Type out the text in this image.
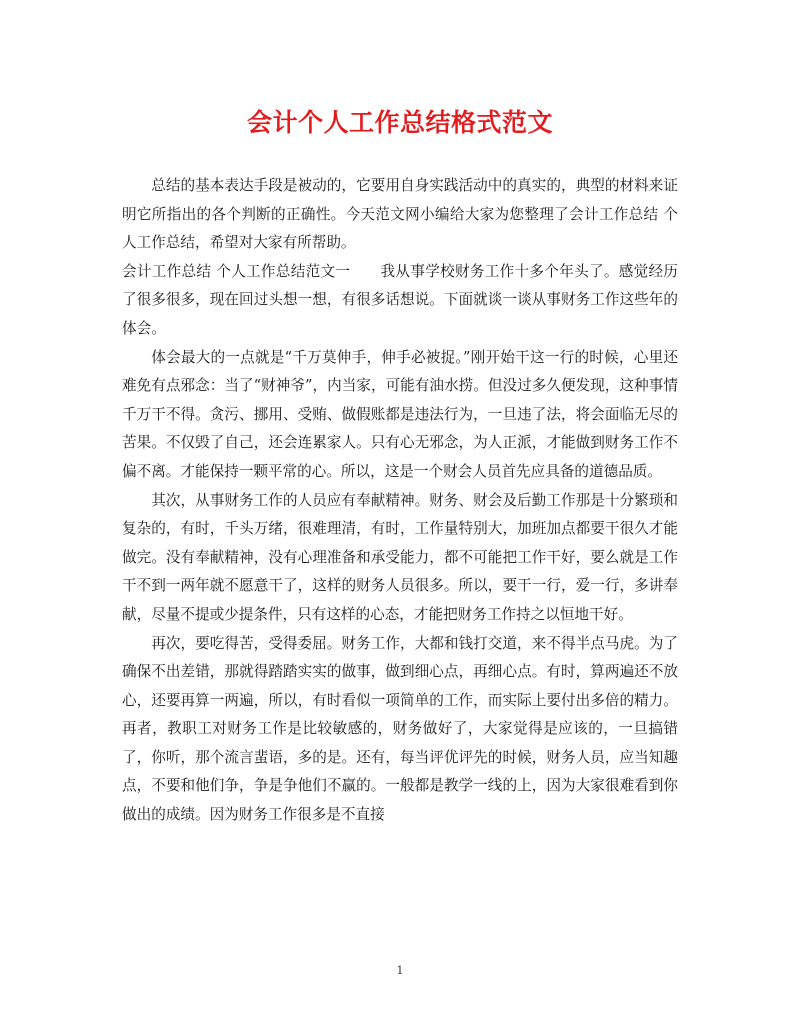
会计个人工作总结格式范文

总结的基本表达手段是被动的，它要用自身实践活动中的真实的，典型的材料来证明它所指出的各个判断的正确性。今天范文网小编给大家为您整理了会计工作总结 个人工作总结，希望对大家有所帮助。

会计工作总结 个人工作总结范文一 我从事学校财务工作十多个年头了。感觉经历了很多很多，现在回过头想一想，有很多话想说。下面就谈一谈从事财务工作这些年的体会。

体会最大的一点就是“千万莫伸手，伸手必被捉。”刚开始干这一行的时候，心里还难免有点邪念：当了“财神爷”，内当家，可能有油水捞。但没过多久便发现，这种事情千万干不得。贪污、挪用、受贿、做假账都是违法行为，一旦违了法，将会面临无尽的苦果。不仅毁了自己，还会连累家人。只有心无邪念，为人正派，才能做到财务工作不偏不离。才能保持一颗平常的心。所以，这是一个财会人员首先应具备的道德品质。

其次，从事财务工作的人员应有奉献精神。财务、财会及后勤工作那是十分繁琐和复杂的，有时，千头万绪，很难理清，有时，工作量特别大，加班加点都要干很久才能做完。没有奉献精神，没有心理准备和承受能力，都不可能把工作干好，要么就是工作干不到一两年就不愿意干了，这样的财务人员很多。所以，要干一行，爱一行，多讲奉献，尽量不提或少提条件，只有这样的心态，才能把财务工作持之以恒地干好。

再次，要吃得苦，受得委屈。财务工作，大都和钱打交道，来不得半点马虎。为了确保不出差错，那就得踏踏实实的做事，做到细心点，再细心点。有时，算两遍还不放心，还要再算一两遍，所以，有时看似一项简单的工作，而实际上要付出多倍的精力。再者，教职工对财务工作是比较敏感的，财务做好了，大家觉得是应该的，一旦搞错了，你听，那个流言蜚语，多的是。还有，每当评优评先的时候，财务人员，应当知趣点，不要和他们争，争是争他们不赢的。一般都是教学一线的上，因为大家很难看到你做出的成绩。因为财务工作很多是不直接

1
